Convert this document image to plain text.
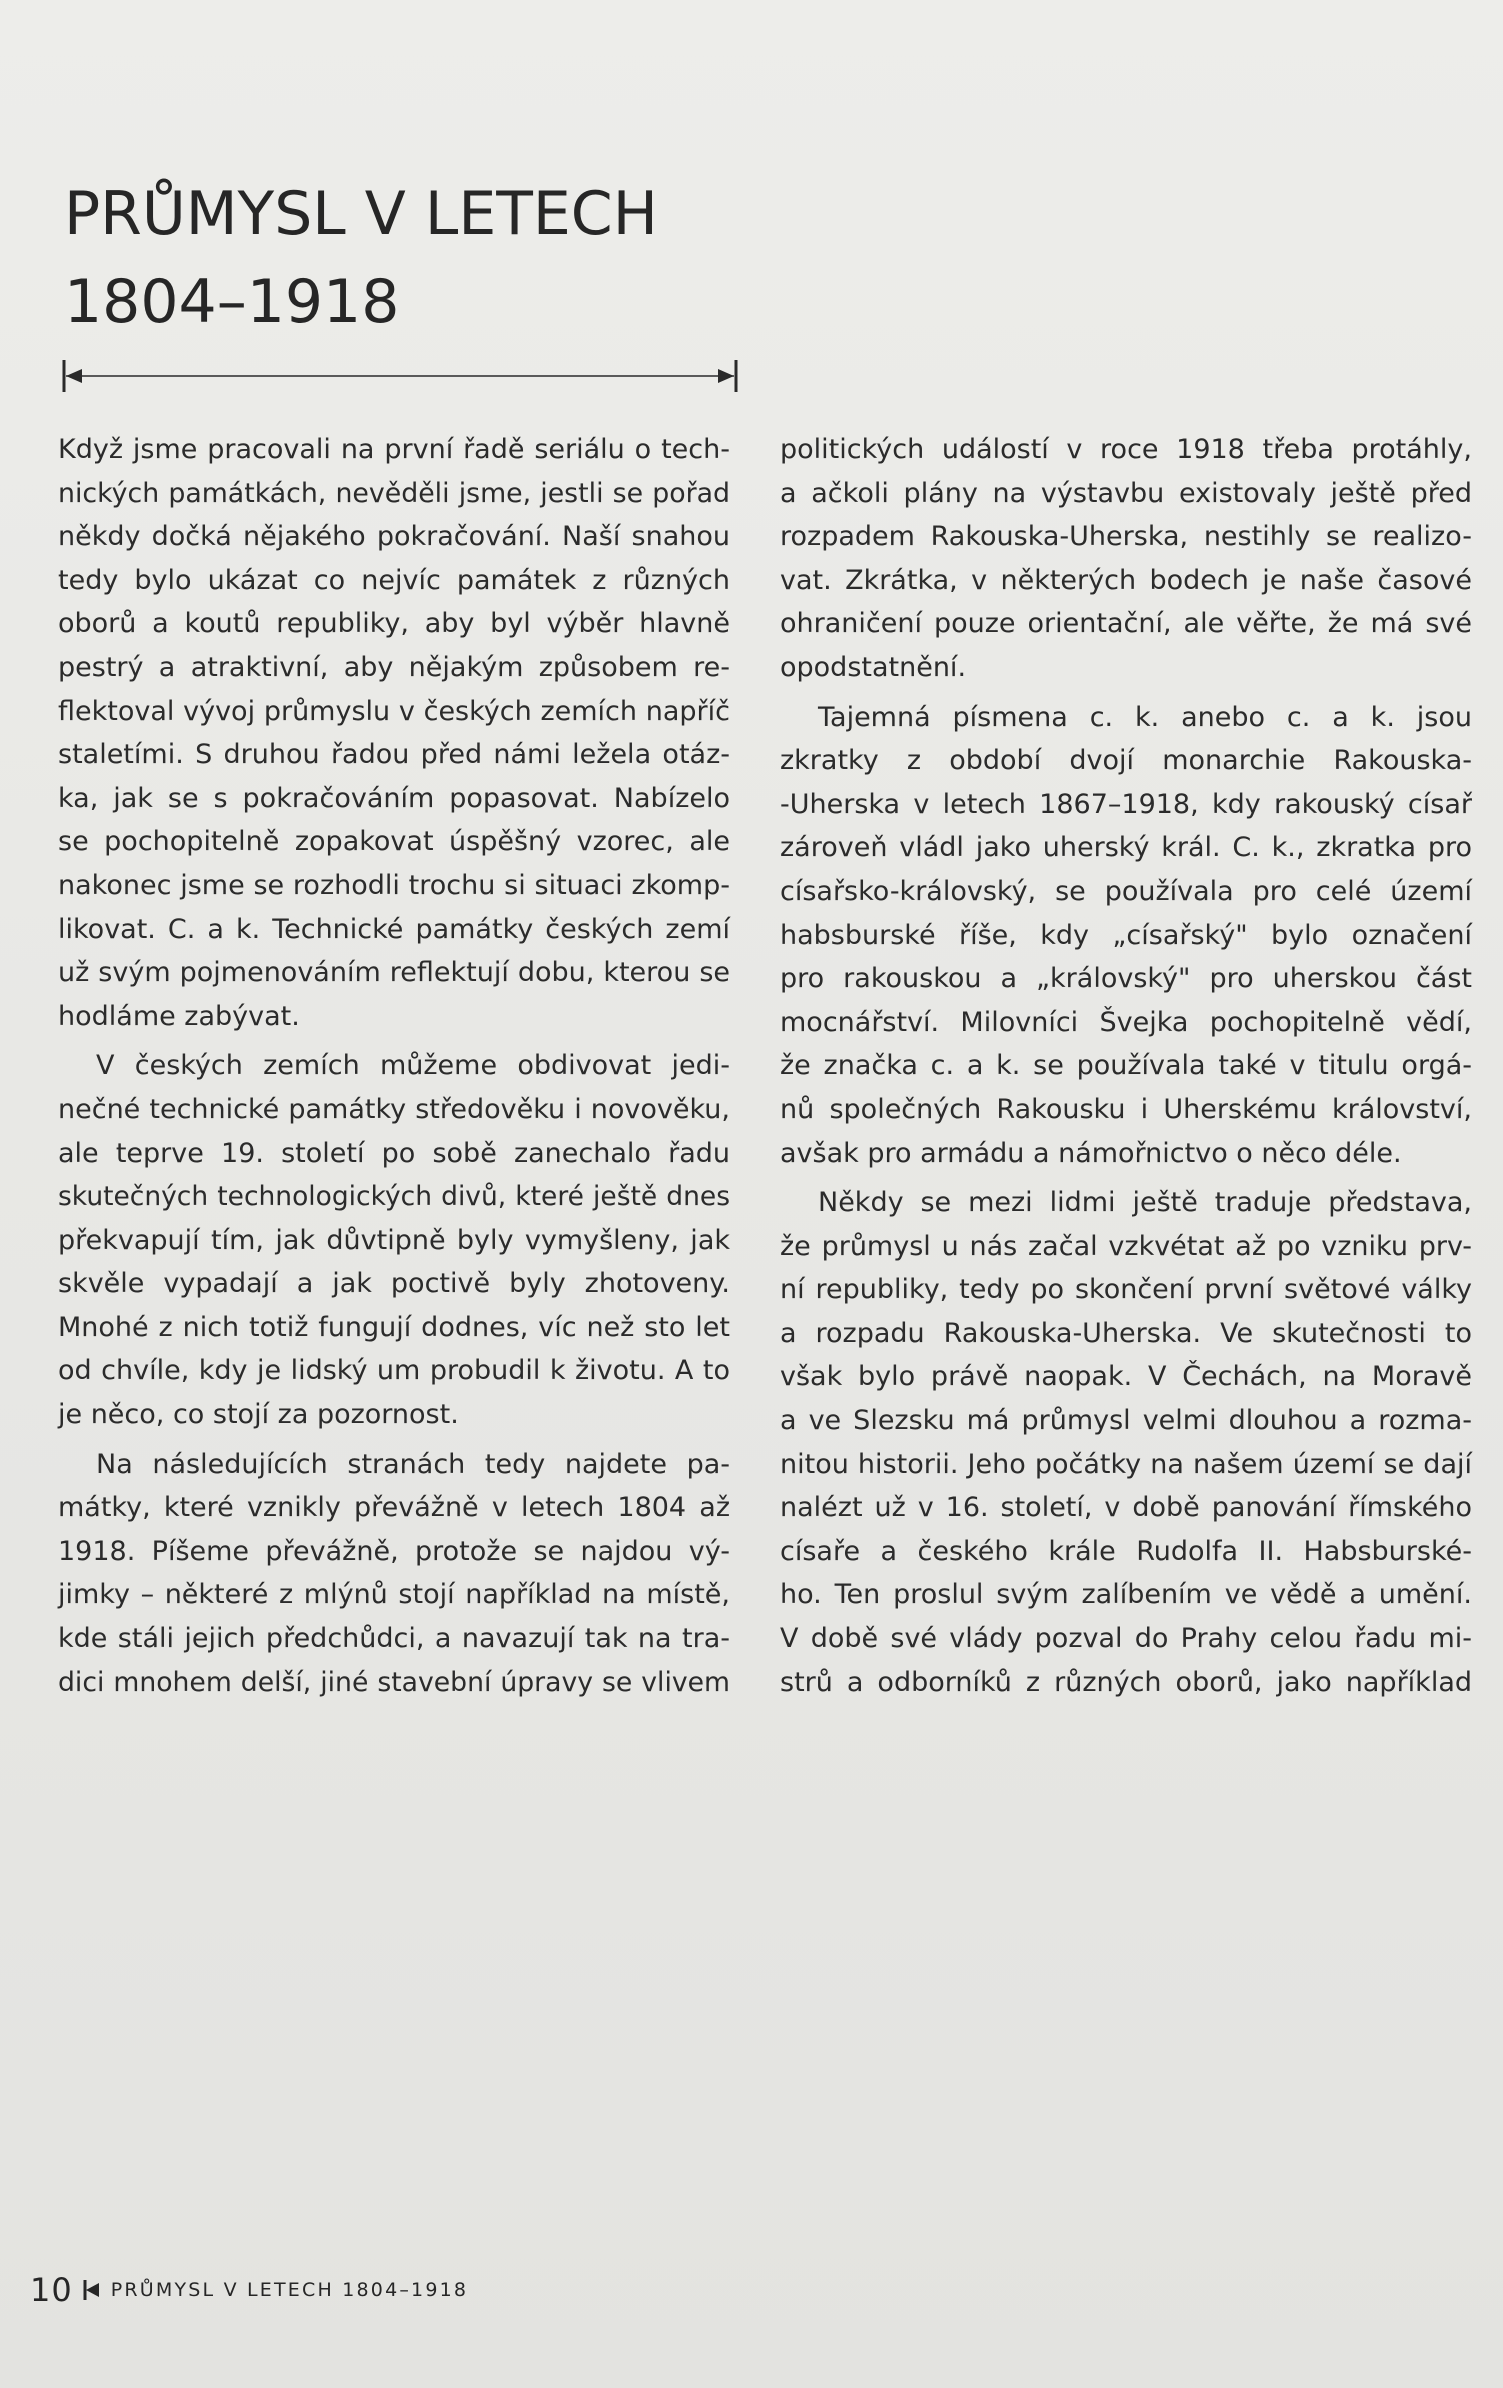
PRŮMYSL V LETECH
1804–1918
Když jsme pracovali na první řadě seriálu o tech-
nických památkách, nevěděli jsme, jestli se pořad
někdy dočká nějakého pokračování. Naší snahou
tedy bylo ukázat co nejvíc památek z různých
oborů a koutů republiky, aby byl výběr hlavně
pestrý a atraktivní, aby nějakým způsobem re-
flektoval vývoj průmyslu v českých zemích napříč
staletími. S druhou řadou před námi ležela otáz-
ka, jak se s pokračováním popasovat. Nabízelo
se pochopitelně zopakovat úspěšný vzorec, ale
nakonec jsme se rozhodli trochu si situaci zkomp-
likovat. C. a k. Technické památky českých zemí
už svým pojmenováním reflektují dobu, kterou se
hodláme zabývat.
V českých zemích můžeme obdivovat jedi-
nečné technické památky středověku i novověku,
ale teprve 19. století po sobě zanechalo řadu
skutečných technologických divů, které ještě dnes
překvapují tím, jak důvtipně byly vymyšleny, jak
skvěle vypadají a jak poctivě byly zhotoveny.
Mnohé z nich totiž fungují dodnes, víc než sto let
od chvíle, kdy je lidský um probudil k životu. A to
je něco, co stojí za pozornost.
Na následujících stranách tedy najdete pa-
mátky, které vznikly převážně v letech 1804 až
1918. Píšeme převážně, protože se najdou vý-
jimky – některé z mlýnů stojí například na místě,
kde stáli jejich předchůdci, a navazují tak na tra-
dici mnohem delší, jiné stavební úpravy se vlivem
politických událostí v roce 1918 třeba protáhly,
a ačkoli plány na výstavbu existovaly ještě před
rozpadem Rakouska-Uherska, nestihly se realizo-
vat. Zkrátka, v některých bodech je naše časové
ohraničení pouze orientační, ale věřte, že má své
opodstatnění.
Tajemná písmena c. k. anebo c. a k. jsou
zkratky z období dvojí monarchie Rakouska-
-Uherska v letech 1867–1918, kdy rakouský císař
zároveň vládl jako uherský král. C. k., zkratka pro
císařsko-královský, se používala pro celé území
habsburské říše, kdy „císařský" bylo označení
pro rakouskou a „královský" pro uherskou část
mocnářství. Milovníci Švejka pochopitelně vědí,
že značka c. a k. se používala také v titulu orgá-
nů společných Rakousku i Uherskému království,
avšak pro armádu a námořnictvo o něco déle.
Někdy se mezi lidmi ještě traduje představa,
že průmysl u nás začal vzkvétat až po vzniku prv-
ní republiky, tedy po skončení první světové války
a rozpadu Rakouska-Uherska. Ve skutečnosti to
však bylo právě naopak. V Čechách, na Moravě
a ve Slezsku má průmysl velmi dlouhou a rozma-
nitou historii. Jeho počátky na našem území se dají
nalézt už v 16. století, v době panování římského
císaře a českého krále Rudolfa II. Habsburské-
ho. Ten proslul svým zalíbením ve vědě a umění.
V době své vlády pozval do Prahy celou řadu mi-
strů a odborníků z různých oborů, jako například
10 PRŮMYSL V LETECH 1804–1918
